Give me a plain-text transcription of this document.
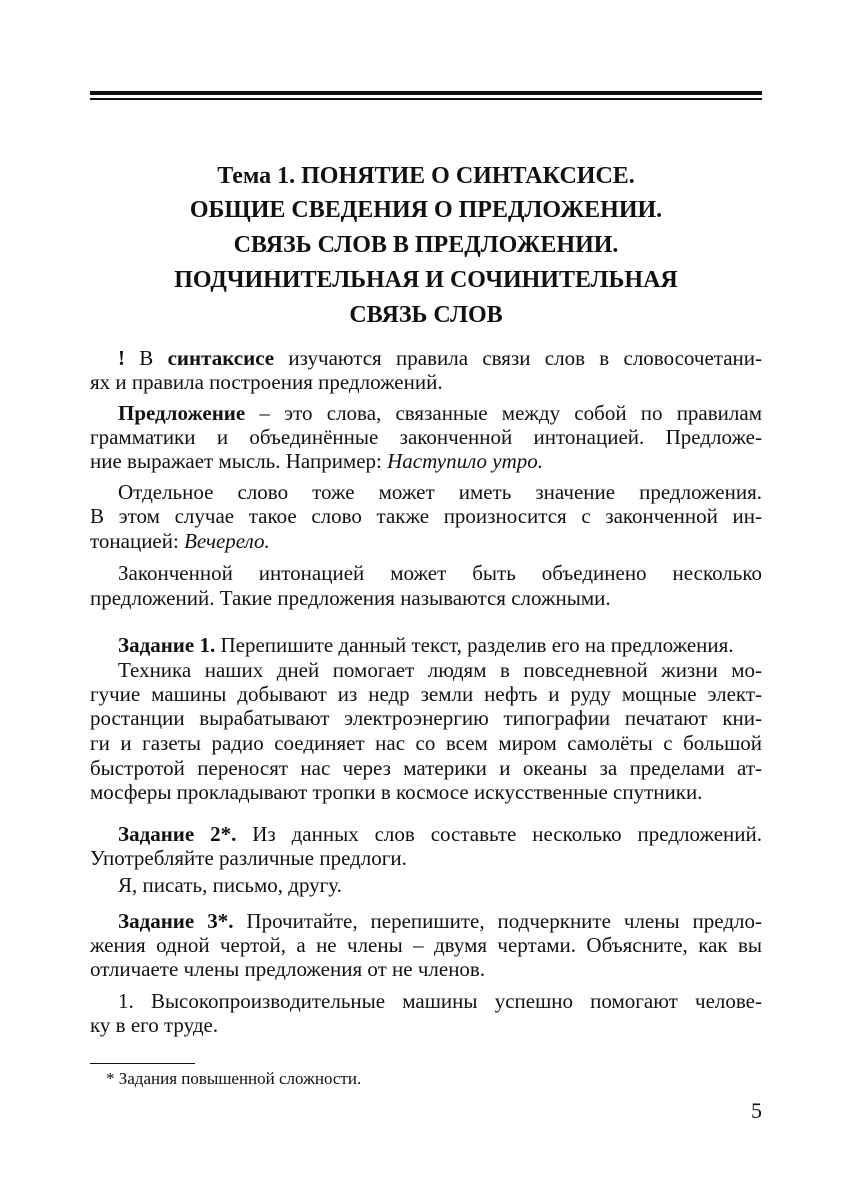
Тема 1. ПОНЯТИЕ О СИНТАКСИСЕ.
ОБЩИЕ СВЕДЕНИЯ О ПРЕДЛОЖЕНИИ.
СВЯЗЬ СЛОВ В ПРЕДЛОЖЕНИИ.
ПОДЧИНИТЕЛЬНАЯ И СОЧИНИТЕЛЬНАЯ
СВЯЗЬ СЛОВ
! В синтаксисе изучаются правила связи слов в словосочетани-
ях и правила построения предложений.
Предложение – это слова, связанные между собой по правилам
грамматики и объединённые законченной интонацией. Предложе-
ние выражает мысль. Например: Наступило утро.
Отдельное слово тоже может иметь значение предложения.
В этом случае такое слово также произносится с законченной ин-
тонацией: Вечерело.
Законченной интонацией может быть объединено несколько
предложений. Такие предложения называются сложными.
Задание 1. Перепишите данный текст, разделив его на предложения.
Техника наших дней помогает людям в повседневной жизни мо-
гучие машины добывают из недр земли нефть и руду мощные элект-
ростанции вырабатывают электроэнергию типографии печатают кни-
ги и газеты радио соединяет нас со всем миром самолёты с большой
быстротой переносят нас через материки и океаны за пределами ат-
мосферы прокладывают тропки в космосе искусственные спутники.
Задание 2*. Из данных слов составьте несколько предложений.
Употребляйте различные предлоги.
Я, писать, письмо, другу.
Задание 3*. Прочитайте, перепишите, подчеркните члены предло-
жения одной чертой, а не члены – двумя чертами. Объясните, как вы
отличаете члены предложения от не членов.
1. Высокопроизводительные машины успешно помогают челове-
ку в его труде.
* Задания повышенной сложности.
5
